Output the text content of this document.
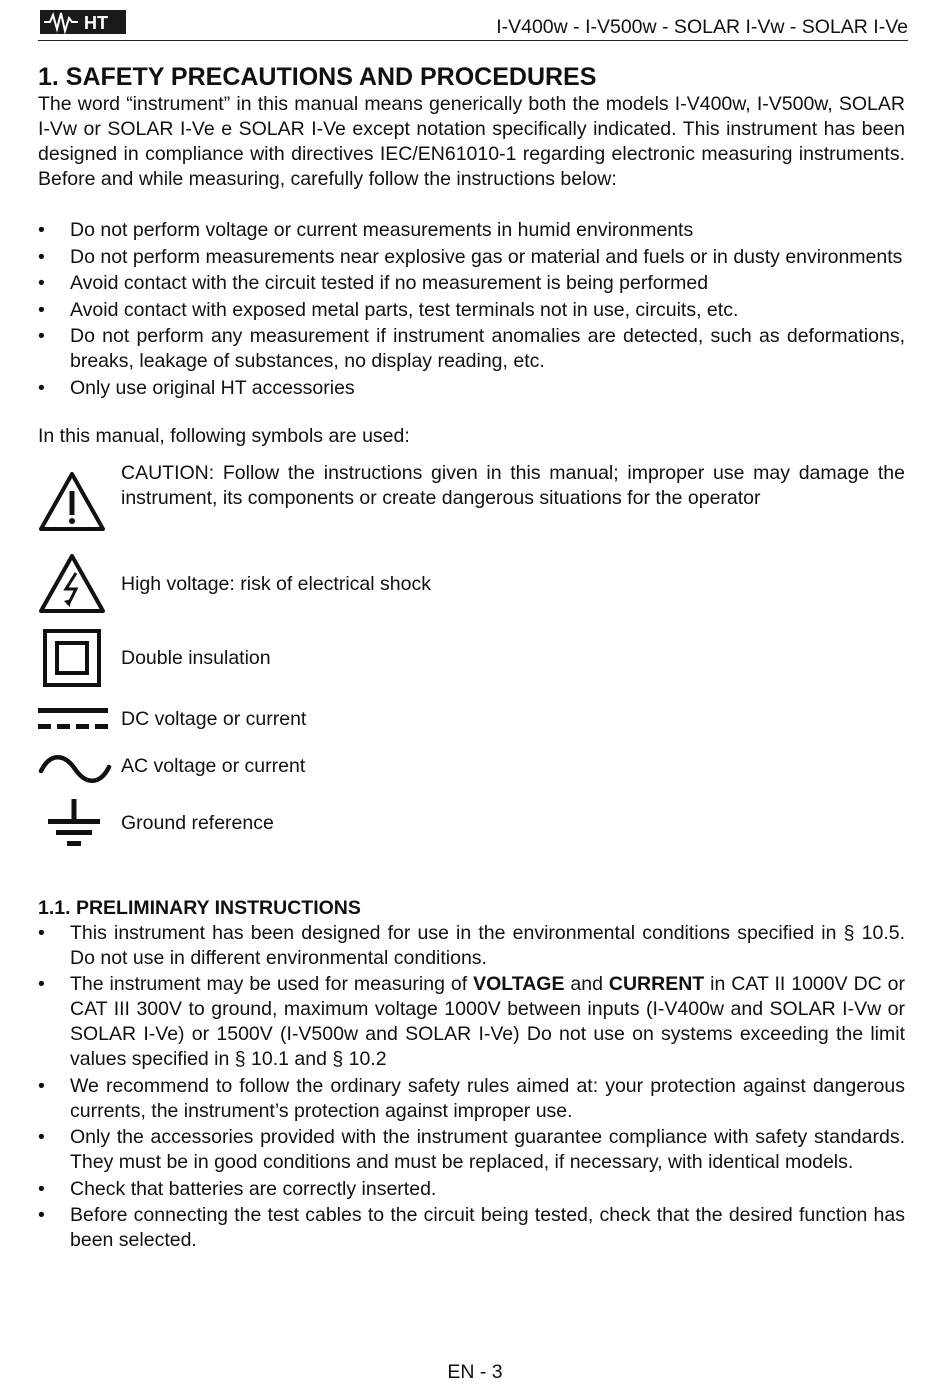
HT	I-V400w - I-V500w - SOLAR I-Vw - SOLAR I-Ve
1. SAFETY PRECAUTIONS AND PROCEDURES

The word “instrument” in this manual means generically both the models I-V400w, I-V500w, SOLAR I-Vw or SOLAR I-Ve e SOLAR I-Ve except notation specifically indicated. This instrument has been designed in compliance with directives IEC/EN61010-1 regarding electronic measuring instruments. Before and while measuring, carefully follow the instructions below:

• Do not perform voltage or current measurements in humid environments
• Do not perform measurements near explosive gas or material and fuels or in dusty environments
• Avoid contact with the circuit tested if no measurement is being performed
• Avoid contact with exposed metal parts, test terminals not in use, circuits, etc.
• Do not perform any measurement if instrument anomalies are detected, such as deformations, breaks, leakage of substances, no display reading, etc.
• Only use original HT accessories

In this manual, following symbols are used:

CAUTION: Follow the instructions given in this manual; improper use may damage the instrument, its components or create dangerous situations for the operator
High voltage: risk of electrical shock
Double insulation
DC voltage or current
AC voltage or current
Ground reference
1.1. PRELIMINARY INSTRUCTIONS
• This instrument has been designed for use in the environmental conditions specified in § 10.5. Do not use in different environmental conditions.
• The instrument may be used for measuring of VOLTAGE and CURRENT in CAT II 1000V DC or CAT III 300V to ground, maximum voltage 1000V between inputs (I-V400w and SOLAR I-Vw or SOLAR I-Ve) or 1500V (I-V500w and SOLAR I-Ve) Do not use on systems exceeding the limit values specified in § 10.1 and § 10.2
• We recommend to follow the ordinary safety rules aimed at: your protection against dangerous currents, the instrument’s protection against improper use.
• Only the accessories provided with the instrument guarantee compliance with safety standards. They must be in good conditions and must be replaced, if necessary, with identical models.
• Check that batteries are correctly inserted.
• Before connecting the test cables to the circuit being tested, check that the desired function has been selected.
EN - 3
